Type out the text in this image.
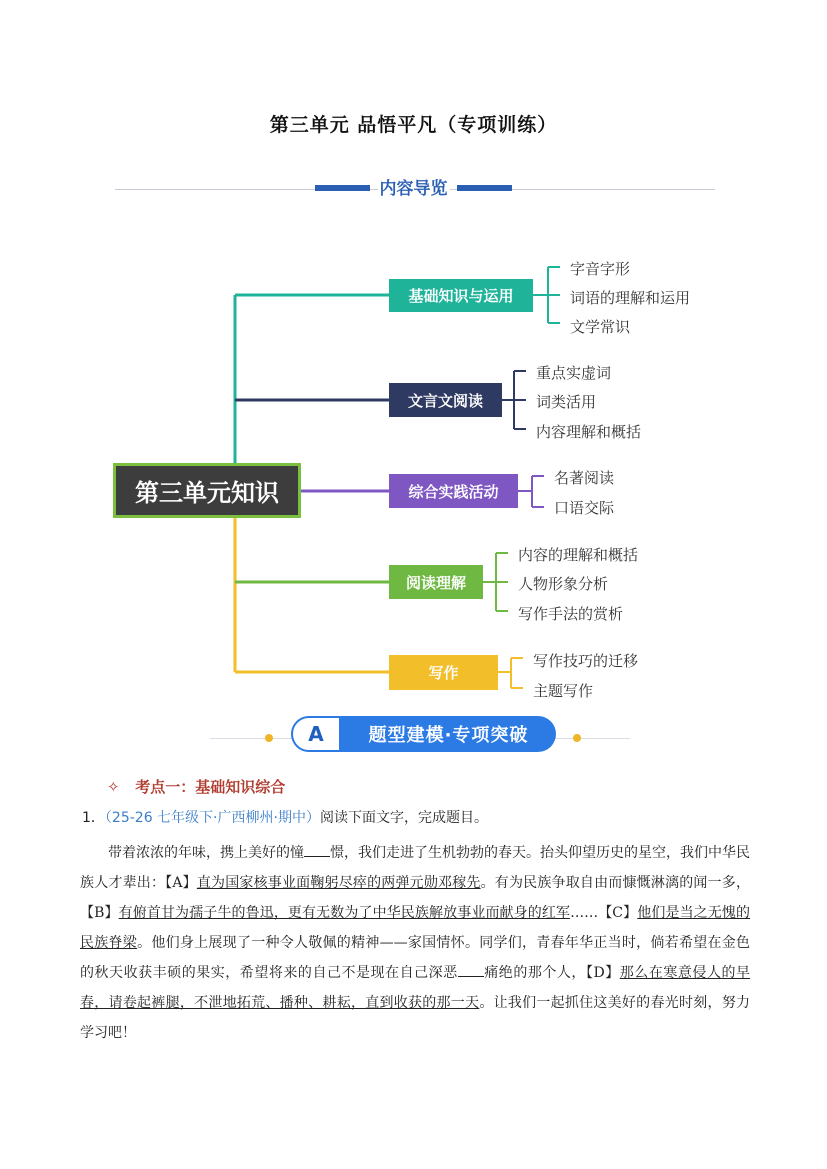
第三单元 品悟平凡（专项训练）
内容导览
第三单元知识
基础知识与运用
字音字形
词语的理解和运用
文学常识
文言文阅读
重点实虚词
词类活用
内容理解和概括
综合实践活动
名著阅读
口语交际
阅读理解
内容的理解和概括
人物形象分析
写作手法的赏析
写作
写作技巧的迁移
主题写作
A	题型建模·专项突破
✧ 考点一：基础知识综合
1．（25-26 七年级下·广西柳州·期中）阅读下面文字，完成题目。
  带着浓浓的年味，携上美好的憧 憬，我们走进了生机勃勃的春天。抬头仰望历史的星空，我们中华民族人才辈出：【A】直为国家核事业面鞠躬尽瘁的两弹元勋邓稼先。有为民族争取自由而慷慨淋漓的闻一多，【B】有俯首甘为孺子牛的鲁迅，更有无数为了中华民族解放事业而献身的红军……【C】他们是当之无愧的民族脊梁。他们身上展现了一种令人敬佩的精神——家国情怀。同学们，青春年华正当时，倘若希望在金色的秋天收获丰硕的果实，希望将来的自己不是现在自己深恶 痛绝的那个人，【D】那么在寒意侵人的早春，请卷起裤腿，不泄地拓荒、播种、耕耘，直到收获的那一天。让我们一起抓住这美好的春光时刻，努力学习吧！
